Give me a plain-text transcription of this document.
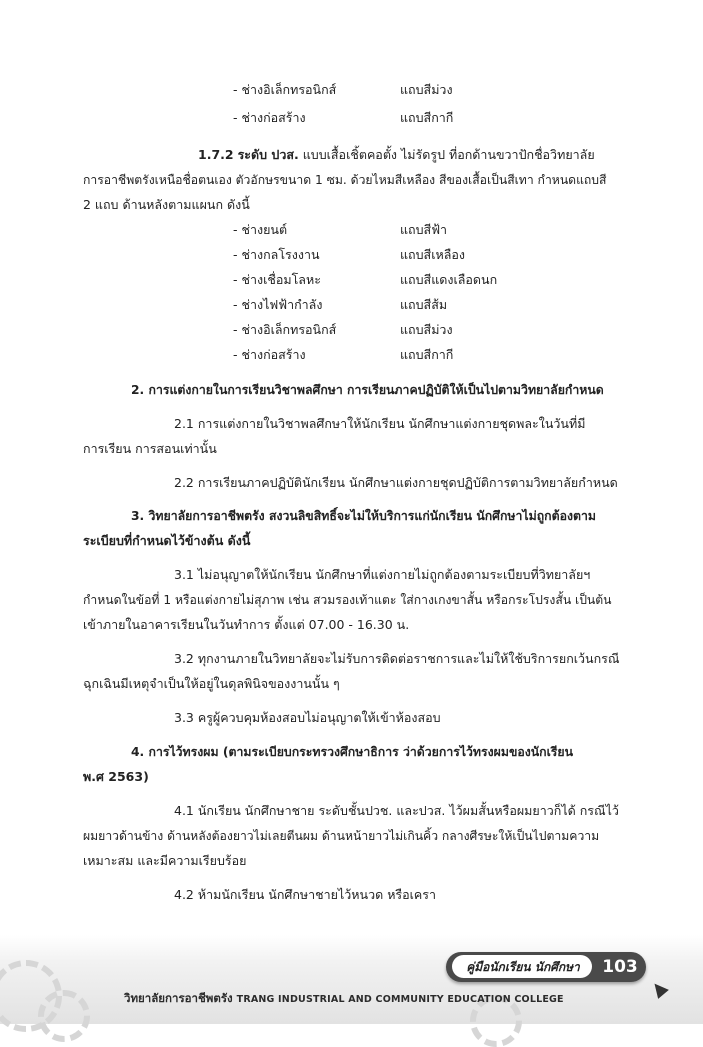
- ช่างอิเล็กทรอนิกส์	แถบสีม่วง
- ช่างก่อสร้าง	แถบสีกากี
1.7.2 ระดับ ปวส. แบบเสื้อเชิ้ตคอตั้ง ไม่รัดรูป ที่อกด้านขวาปักชื่อวิทยาลัย
การอาชีพตรังเหนือชื่อตนเอง ตัวอักษรขนาด 1 ซม. ด้วยไหมสีเหลือง สีของเสื้อเป็นสีเทา กำหนดแถบสี
2 แถบ ด้านหลังตามแผนก ดังนี้
- ช่างยนต์	แถบสีฟ้า
- ช่างกลโรงงาน	แถบสีเหลือง
- ช่างเชื่อมโลหะ	แถบสีแดงเลือดนก
- ช่างไฟฟ้ากำลัง	แถบสีส้ม
- ช่างอิเล็กทรอนิกส์	แถบสีม่วง
- ช่างก่อสร้าง	แถบสีกากี
2. การแต่งกายในการเรียนวิชาพลศึกษา การเรียนภาคปฏิบัติให้เป็นไปตามวิทยาลัยกำหนด
2.1 การแต่งกายในวิชาพลศึกษาให้นักเรียน นักศึกษาแต่งกายชุดพละในวันที่มี
การเรียน การสอนเท่านั้น
2.2 การเรียนภาคปฏิบัตินักเรียน นักศึกษาแต่งกายชุดปฏิบัติการตามวิทยาลัยกำหนด
3. วิทยาลัยการอาชีพตรัง สงวนลิขสิทธิ์จะไม่ให้บริการแก่นักเรียน นักศึกษาไม่ถูกต้องตาม
ระเบียบที่กำหนดไว้ข้างต้น ดังนี้
3.1 ไม่อนุญาตให้นักเรียน นักศึกษาที่แต่งกายไม่ถูกต้องตามระเบียบที่วิทยาลัยฯ
กำหนดในข้อที่ 1 หรือแต่งกายไม่สุภาพ เช่น สวมรองเท้าแตะ ใส่กางเกงขาสั้น หรือกระโปรงสั้น เป็นต้น
เข้าภายในอาคารเรียนในวันทำการ ตั้งแต่ 07.00 - 16.30 น.
3.2 ทุกงานภายในวิทยาลัยจะไม่รับการติดต่อราชการและไม่ให้ใช้บริการยกเว้นกรณี
ฉุกเฉินมีเหตุจำเป็นให้อยู่ในดุลพินิจของงานนั้น ๆ
3.3 ครูผู้ควบคุมห้องสอบไม่อนุญาตให้เข้าห้องสอบ
4. การไว้ทรงผม (ตามระเบียบกระทรวงศึกษาธิการ ว่าด้วยการไว้ทรงผมของนักเรียน
พ.ศ 2563)
4.1 นักเรียน นักศึกษาชาย ระดับชั้นปวช. และปวส. ไว้ผมสั้นหรือผมยาวก็ได้ กรณีไว้
ผมยาวด้านข้าง ด้านหลังต้องยาวไม่เลยตีนผม ด้านหน้ายาวไม่เกินคิ้ว กลางศีรษะให้เป็นไปตามความ
เหมาะสม และมีความเรียบร้อย
4.2 ห้ามนักเรียน นักศึกษาชายไว้หนวด หรือเครา
คู่มือนักเรียน นักศึกษา	103
วิทยาลัยการอาชีพตรัง TRANG INDUSTRIAL AND COMMUNITY EDUCATION COLLEGE
